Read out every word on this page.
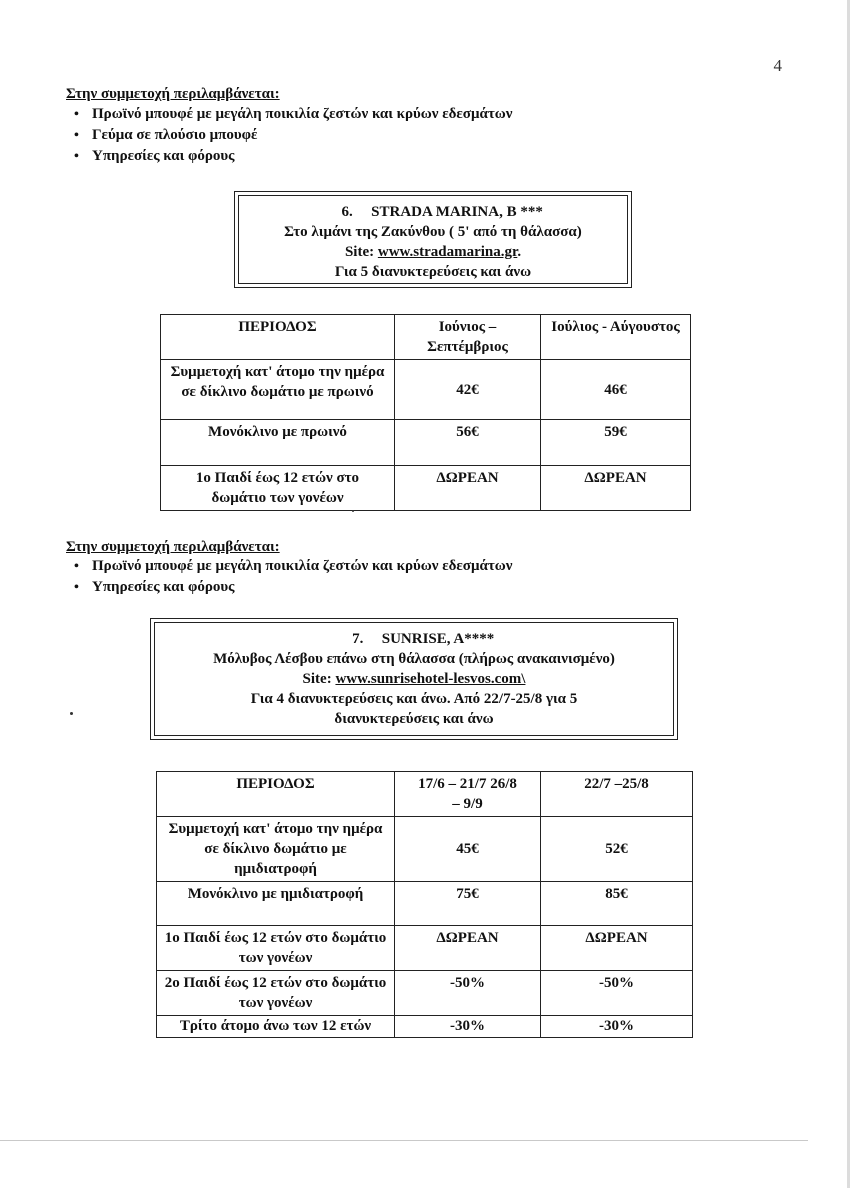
4
Στην συμμετοχή περιλαμβάνεται:
• Πρωϊνό μπουφέ με μεγάλη ποικιλία ζεστών και κρύων εδεσμάτων
• Γεύμα σε πλούσιο μπουφέ
• Υπηρεσίες και φόρους
6. STRADA MARINA, B ***
Στο λιμάνι της Ζακύνθου ( 5' από τη θάλασσα)
Site: www.stradamarina.gr.
Για 5 διανυκτερεύσεις και άνω
ΠΕΡΙΟΔΟΣ	Ιούνιος – Σεπτέμβριος	Ιούλιος - Αύγουστος
Συμμετοχή κατ' άτομο την ημέρα σε δίκλινο δωμάτιο με πρωινό	42€	46€
Μονόκλινο με πρωινό	56€	59€
1ο Παιδί έως 12 ετών στο δωμάτιο των γονέων	ΔΩΡΕΑΝ	ΔΩΡΕΑΝ
Στην συμμετοχή περιλαμβάνεται:
• Πρωϊνό μπουφέ με μεγάλη ποικιλία ζεστών και κρύων εδεσμάτων
• Υπηρεσίες και φόρους
7. SUNRISE, A****
Μόλυβος Λέσβου επάνω στη θάλασσα (πλήρως ανακαινισμένο)
Site: www.sunrisehotel-lesvos.com\
Για 4 διανυκτερεύσεις και άνω. Από 22/7-25/8 για 5 διανυκτερεύσεις και άνω
ΠΕΡΙΟΔΟΣ	17/6 – 21/7 26/8 – 9/9	22/7 –25/8
Συμμετοχή κατ' άτομο την ημέρα σε δίκλινο δωμάτιο με ημιδιατροφή	45€	52€
Μονόκλινο με ημιδιατροφή	75€	85€
1ο Παιδί έως 12 ετών στο δωμάτιο των γονέων	ΔΩΡΕΑΝ	ΔΩΡΕΑΝ
2ο Παιδί έως 12 ετών στο δωμάτιο των γονέων	-50%	-50%
Τρίτο άτομο άνω των 12 ετών	-30%	-30%
